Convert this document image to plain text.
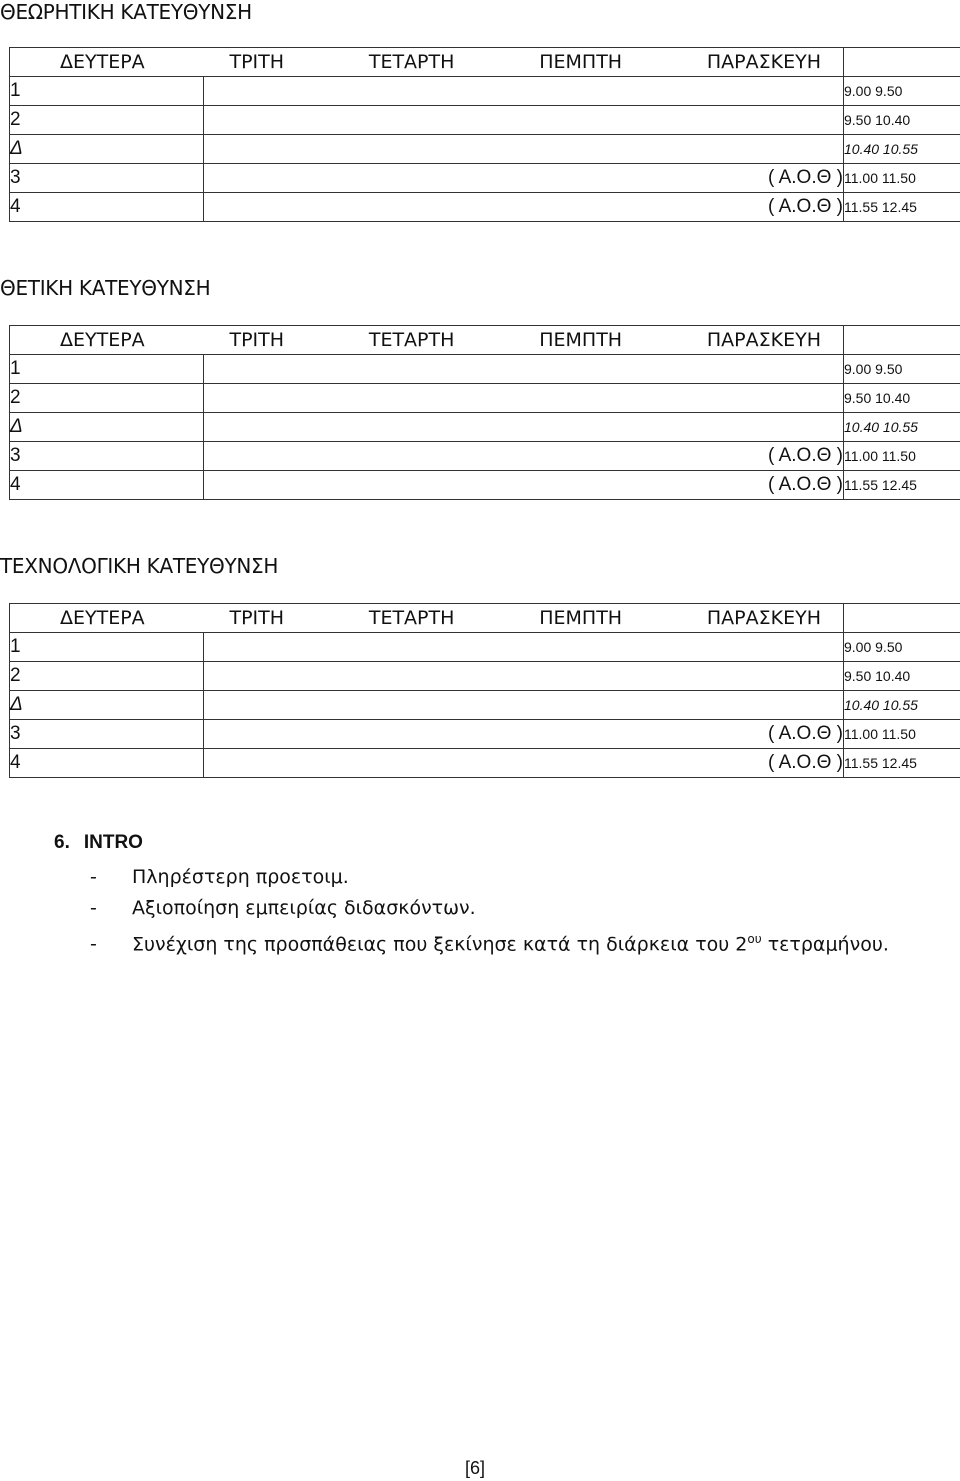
ΘΕΩΡΗΤΙΚΗ ΚΑΤΕΥΘΥΝΣΗ
ΔΕΥΤΕΡΑ ΤΡΙΤΗ ΤΕΤΑΡΤΗ ΠΕΜΠΤΗ ΠΑΡΑΣΚΕΥΗ		

1		9.00 9.50
2		9.50 10.40
Δ		10.40 10.55
3	( Α.Ο.Θ )	11.00 11.50
4	( Α.Ο.Θ )	11.55 12.45
ΘΕΤΙΚΗ ΚΑΤΕΥΘΥΝΣΗ
ΔΕΥΤΕΡΑ ΤΡΙΤΗ ΤΕΤΑΡΤΗ ΠΕΜΠΤΗ ΠΑΡΑΣΚΕΥΗ		

1		9.00 9.50
2		9.50 10.40
Δ		10.40 10.55
3	( Α.Ο.Θ )	11.00 11.50
4	( Α.Ο.Θ )	11.55 12.45
ΤΕΧΝΟΛΟΓΙΚΗ ΚΑΤΕΥΘΥΝΣΗ
ΔΕΥΤΕΡΑ ΤΡΙΤΗ ΤΕΤΑΡΤΗ ΠΕΜΠΤΗ ΠΑΡΑΣΚΕΥΗ		

1		9.00 9.50
2		9.50 10.40
Δ		10.40 10.55
3	( Α.Ο.Θ )	11.00 11.50
4	( Α.Ο.Θ )	11.55 12.45
6. INTRO
- Πληρέστερη προετοιμ.
- Αξιοποίηση εμπειρίας διδασκόντων.
- Συνέχιση της προσπάθειας που ξεκίνησε κατά τη διάρκεια του $2^{o\upsilon}$ τετραμήνου.
[6]
